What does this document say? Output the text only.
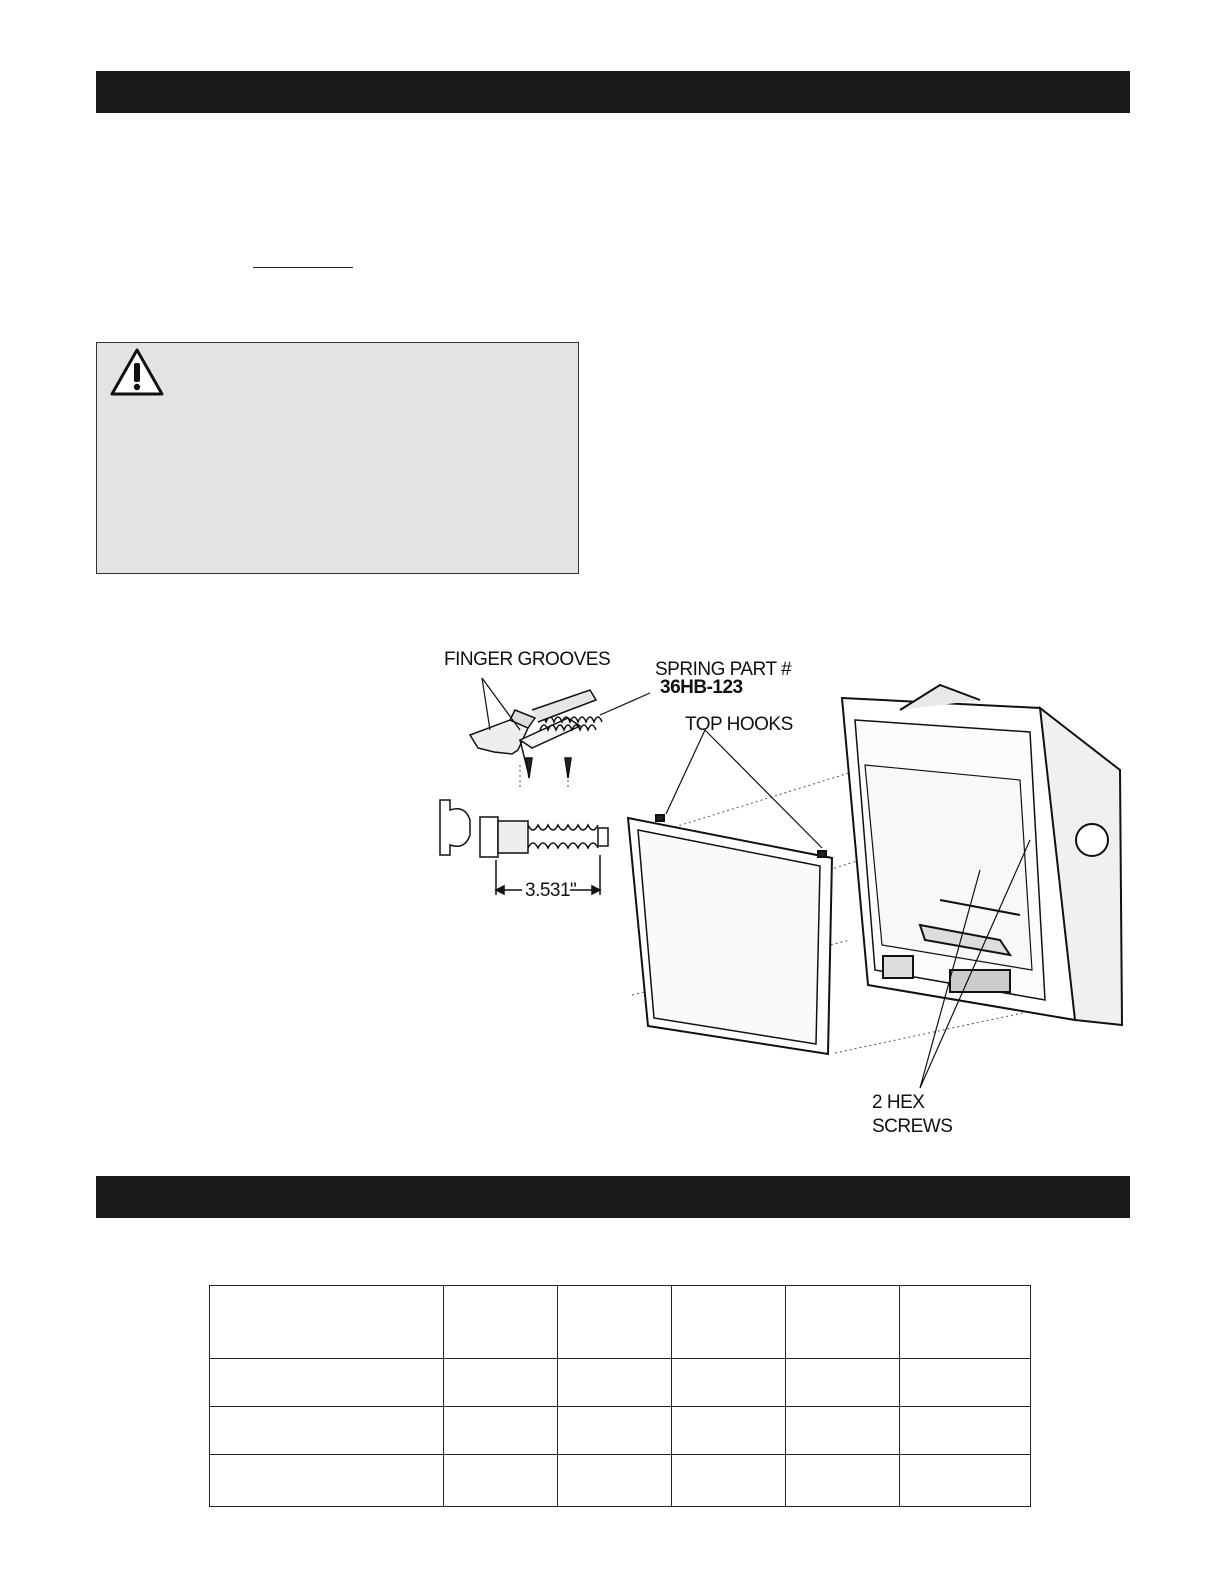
FINGER GROOVES SPRING PART #
36HB-123
TOP HOOKS
3.531"
2 HEX
SCREWS
